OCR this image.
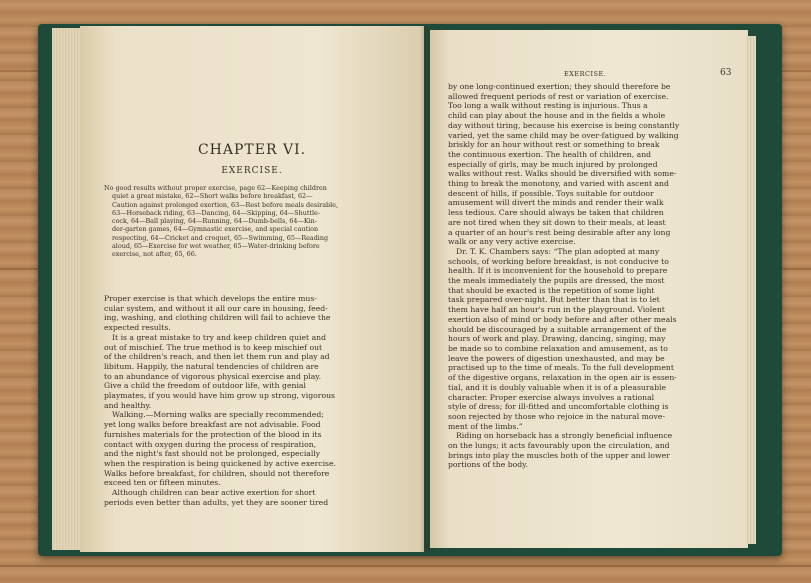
CHAPTER VI.
EXERCISE.
No good results without proper exercise, page 62—Keeping children
quiet a great mistake, 62—Short walks before breakfast, 62—
Caution against prolonged exertion, 63—Rest before meals desirable,
63—Horseback riding, 63—Dancing, 64—Skipping, 64—Shuttle-
cock, 64—Ball playing, 64—Running, 64—Dumb-bells, 64—Kin-
der-garten games, 64—Gymnastic exercise, and special caution
respecting, 64—Cricket and croquet, 65—Swimming, 65—Reading
aloud, 65—Exercise for wet weather, 65—Water-drinking before
exercise, not after, 65, 66.
Proper exercise is that which develops the entire mus-
cular system, and without it all our care in housing, feed-
ing, washing, and clothing children will fail to achieve the
expected results.
It is a great mistake to try and keep children quiet and
out of mischief. The true method is to keep mischief out
of the children's reach, and then let them run and play ad
libitum. Happily, the natural tendencies of children are
to an abundance of vigorous physical exercise and play.
Give a child the freedom of outdoor life, with genial
playmates, if you would have him grow up strong, vigorous
and healthy.
Walking.—Morning walks are specially recommended;
yet long walks before breakfast are not advisable. Food
furnishes materials for the protection of the blood in its
contact with oxygen during the process of respiration,
and the night's fast should not be prolonged, especially
when the respiration is being quickened by active exercise.
Walks before breakfast, for children, should not therefore
exceed ten or fifteen minutes.
Although children can bear active exertion for short
periods even better than adults, yet they are sooner tired
EXERCISE.	63
by one long-continued exertion; they should therefore be
allowed frequent periods of rest or variation of exercise.
Too long a walk without resting is injurious. Thus a
child can play about the house and in the fields a whole
day without tiring, because his exercise is being constantly
varied, yet the same child may be over-fatigued by walking
briskly for an hour without rest or something to break
the continuous exertion. The health of children, and
especially of girls, may be much injured by prolonged
walks without rest. Walks should be diversified with some-
thing to break the monotony, and varied with ascent and
descent of hills, if possible. Toys suitable for outdoor
amusement will divert the minds and render their walk
less tedious. Care should always be taken that children
are not tired when they sit down to their meals, at least
a quarter of an hour's rest being desirable after any long
walk or any very active exercise.
Dr. T. K. Chambers says: “The plan adopted at many
schools, of working before breakfast, is not conducive to
health. If it is inconvenient for the household to prepare
the meals immediately the pupils are dressed, the most
that should be exacted is the repetition of some light
task prepared over-night. But better than that is to let
them have half an hour's run in the playground. Violent
exertion also of mind or body before and after other meals
should be discouraged by a suitable arrangement of the
hours of work and play. Drawing, dancing, singing, may
be made so to combine relaxation and amusement, as to
leave the powers of digestion unexhausted, and may be
practised up to the time of meals. To the full development
of the digestive organs, relaxation in the open air is essen-
tial, and it is doubly valuable when it is of a pleasurable
character. Proper exercise always involves a rational
style of dress; for ill-fitted and uncomfortable clothing is
soon rejected by those who rejoice in the natural move-
ment of the limbs.”
Riding on horseback has a strongly beneficial influence
on the lungs; it acts favourably upon the circulation, and
brings into play the muscles both of the upper and lower
portions of the body.
